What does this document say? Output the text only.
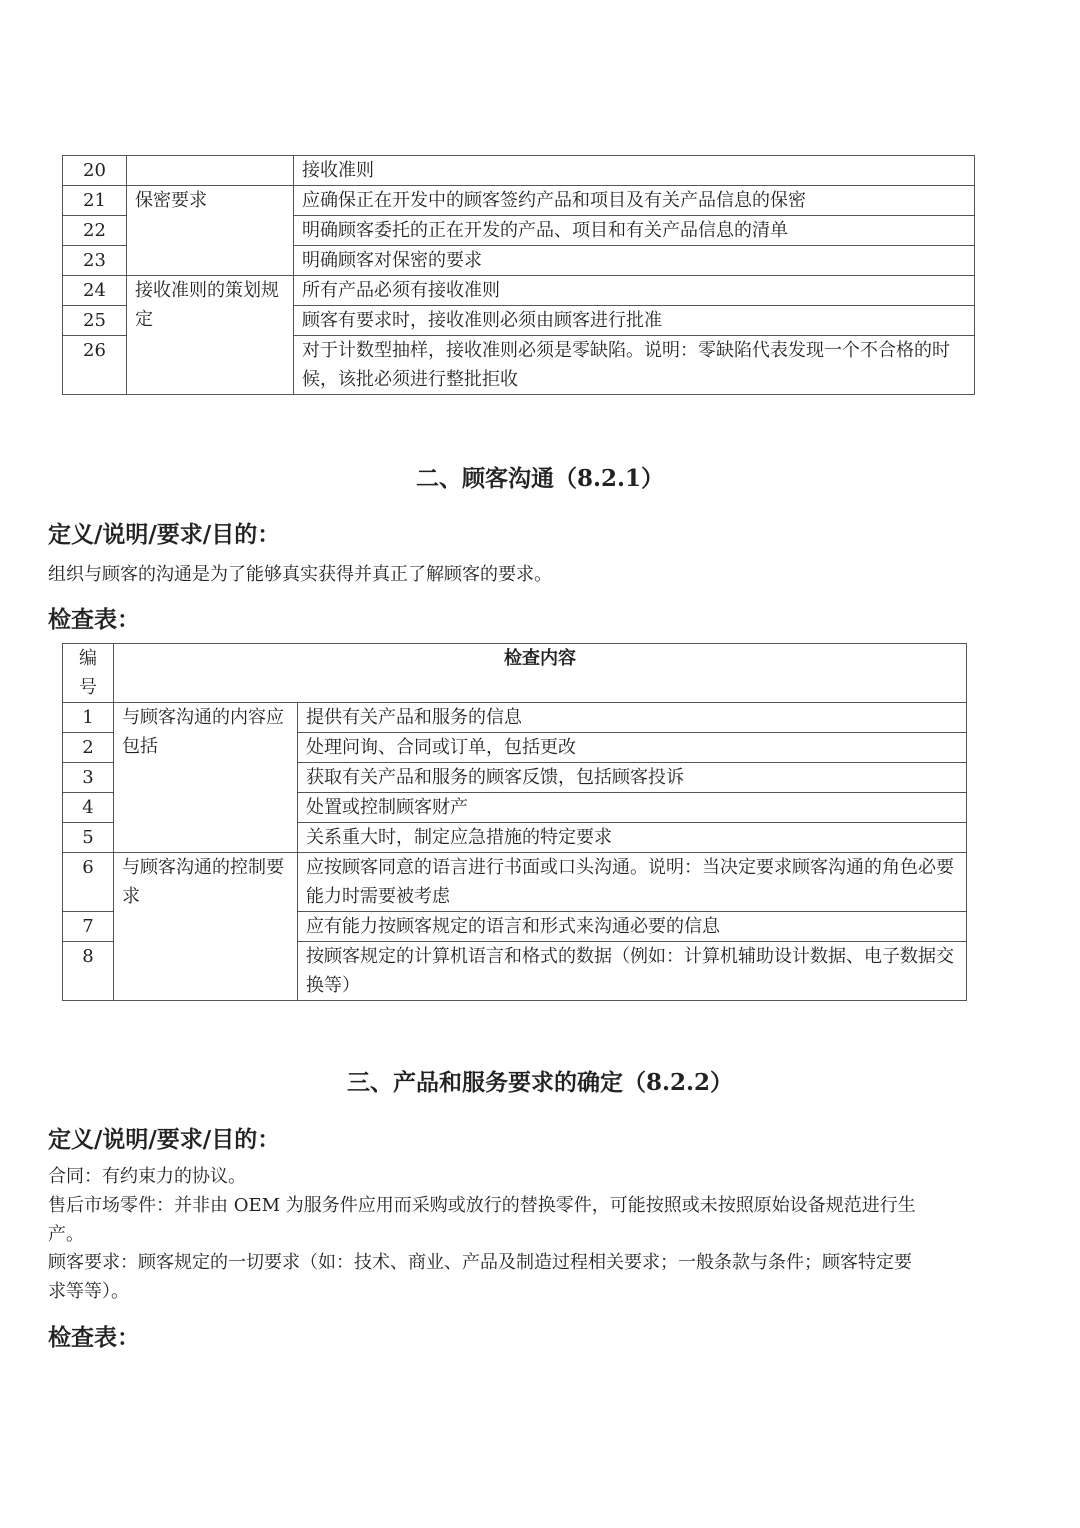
20		接收准则
21	保密要求	应确保正在开发中的顾客签约产品和项目及有关产品信息的保密
22		明确顾客委托的正在开发的产品、项目和有关产品信息的清单
23		明确顾客对保密的要求
24	接收准则的策划规定	所有产品必须有接收准则
25		顾客有要求时，接收准则必须由顾客进行批准
26		对于计数型抽样，接收准则必须是零缺陷。说明：零缺陷代表发现一个不合格的时候，该批必须进行整批拒收
二、顾客沟通（8.2.1）
定义/说明/要求/目的：

组织与顾客的沟通是为了能够真实获得并真正了解顾客的要求。

检查表：
编号	检查内容	
1	与顾客沟通的内容应包括	提供有关产品和服务的信息
2		处理问询、合同或订单，包括更改
3		获取有关产品和服务的顾客反馈，包括顾客投诉
4		处置或控制顾客财产
5		关系重大时，制定应急措施的特定要求
6	与顾客沟通的控制要求	应按顾客同意的语言进行书面或口头沟通。说明：当决定要求顾客沟通的角色必要能力时需要被考虑
7		应有能力按顾客规定的语言和形式来沟通必要的信息
8		按顾客规定的计算机语言和格式的数据（例如：计算机辅助设计数据、电子数据交换等）
三、产品和服务要求的确定（8.2.2）
定义/说明/要求/目的：

合同：有约束力的协议。

售后市场零件：并非由 OEM 为服务件应用而采购或放行的替换零件，可能按照或未按照原始设备规范进行生产。

顾客要求：顾客规定的一切要求（如：技术、商业、产品及制造过程相关要求；一般条款与条件；顾客特定要求等等）。

检查表：
